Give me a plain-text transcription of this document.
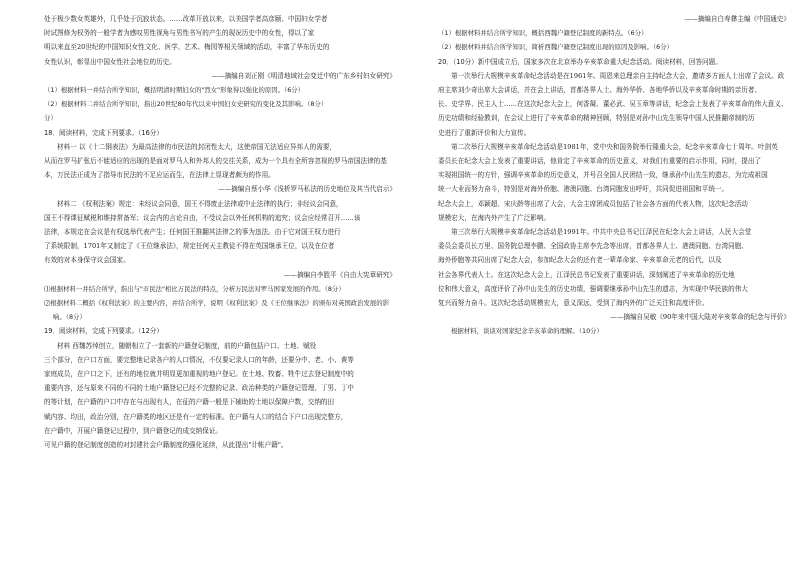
处于极少数女英雄外，几乎处于沉寂状态。……改革开放以来，以美国学者高彦颐、中国妇女学者

时试图修为权务的一般学者为感叹男性视角与男性书写的产生的现况历史中的女性，得以了家

明以来直至20世纪的中国知识女性文化、医学、艺术、梅园等相关领域的活动，丰富了华东历史的

女性认识，彰显出中国女性社会地位的历史。

——摘编自刘正刚《明清地域社会变迁中的广东乡村妇女研究》

（1）根据材料一并结合所学知识，概括明清时期妇女的"烈女"形象得以强化的原因。（6分）

（2）根据材料二并结合所学知识，指出20世纪80年代以来中国妇女史研究的变化及其影响。（8分）

分）

18．阅读材料，完成下列要求。（16分）

材料一 以《十二铜表法》为最高法律的市民法的封闭性太大，这使帝国无法适应异邦人的需要，

从而在罗马扩张后不能适应的出现的是面对罗马人和外邦人的交往关系，成为一个具有全所容忽视的罗马帝国法律的基

本，万民法正成为了指导市民法的不足应运而生，在法律上显现者颇为的作用。

——摘编自蔡小华《浅析罗马私法的历史地位及其当代启示》

材料二 《权利法案》规定：未经议会同意，国王不得废止法律或中止法律的执行；非经议会同意，

国王不得课征赋税和维持常备军；议会内的言论自由，不受议会以外任何机构的追究；议会应经常召开……该

法律，本规定在会议是有权选举代表产生；任何国王推翻其法律之的事为违法。由于它对国王权力进行

了系统限制，1701年又制定了《王位继承法》，规定任何天主教徒不得在英国继承王位，以及在位者

有效的对本身保守议会国家。

——摘编自李胜平《自由大宪章研究》

⑴根据材料一并结合所学，指出与"市民法"相比万民法的特点，分析万民法对罗马国家发展的作用。（8分）

⑵根据材料二概括《权利法案》的主要内容，并结合所学，说明《权利法案》及《王位继承法》的颁布对英国政治发展的影响。（8分）

19．阅读材料，完成下列要求。（12分）

材料 西魏苏绰创立，随朝相立了一套新的户籍登记制度，前的户籍包括户口、土地、赋役

三个部分，在户口方面，要完整地记录各户的人口情况，不仅要记录人口的年龄，还要分中、老、小、黄等

家庭成员，在户口之下，还有的地位就并明显更加重视的地户登记。在土地、牧畜、牲牛过去登记制度中的

重要内容，还与原来不同的不同的土地户籍登记已经不完整的记录、政治种类的户籍登记管理、丁男、丁中

的等计划，在户籍的户口中存在与出现有人，在征的户籍一般是下辅助的土地以保障户数，交纳的田

赋内容、均田，政治分别，在户籍类的地区还是有一定的标准。在户籍与人口的结合下户口出现完整方，

在户籍中，开展户籍登记过程中，到户籍登记的成交纳保证。

可见户籍的登记制度创造的对封建社会户籍制度的强化延续，从此提出"计帐户籍"。

——摘编自白寿彝主编《中国通史》

（1）根据材料并结合所学知识，概括西魏户籍登记制度的新特点。（6分）

（2）根据材料并结合所学知识，简析西魏户籍登记制度出现的原因及影响。（6分）

20．（10分）新中国成立后，国家多次在北京举办辛亥革命重大纪念活动。阅读材料，回答问题。

第一次举行大规模辛亥革命纪念活动是在1961年。周恩来总理亲自主持纪念大会，邀请多方面人士出席了会议。政

府主席刘少奇出席大会讲话，并在会上讲话，首都各界人士、海外华侨、各地华侨以及辛亥革命时期的亲历者、

长、史学界、民主人士……在这次纪念大会上，何香凝、董必武、吴玉章等讲话，纪念会上发表了辛亥革命的伟大意义、

历史功绩和经验教训，在会议上进行了辛亥革命的精神回顾，特别是对孙中山先生领导中国人民推翻帝制的历

史进行了重新评价和大力宣传。

第二次举行大规模辛亥革命纪念活动是1981年，党中央和国务院举行隆重大会，纪念辛亥革命七十周年。叶剑英

委员长在纪念大会上发表了重要讲话，他肯定了辛亥革命的历史意义，对我们有重要的启示作用，同时，提出了

实现祖国统一的方针，强调辛亥革命的历史意义，并号召全国人民团结一致，继承孙中山先生的遗志，为完成祖国

统一大业而努力奋斗，特别是对海外侨胞、港澳同胞、台湾同胞发出呼吁，共同促进祖国和平统一。

纪念大会上，邓颖超、宋庆龄等出席了大会，大会主席团成员包括了社会各方面的代表人物，这次纪念活动

规模宏大，在海内外产生了广泛影响。

第三次举行大规模辛亥革命纪念活动是1991年。中共中央总书记江泽民在纪念大会上讲话，人民大会堂

委员会委员长万里、国务院总理李鹏、全国政协主席李先念等出席，首都各界人士、港澳同胞、台湾同胞、

海外侨胞等共同出席了纪念大会，参加纪念大会的还有老一辈革命家、辛亥革命元老的后代，以及

社会各界代表人士。在这次纪念大会上，江泽民总书记发表了重要讲话，深刻阐述了辛亥革命的历史地

位和伟大意义，高度评价了孙中山先生的历史功绩，强调要继承孙中山先生的遗志，为实现中华民族的伟大

复兴而努力奋斗。这次纪念活动规模宏大，意义深远，受到了海内外的广泛关注和高度评价。

——摘编自吴敏《90年来中国大陆对辛亥革命的纪念与评价》

根据材料，谈谈对国家纪念辛亥革命的理解。（10分）
